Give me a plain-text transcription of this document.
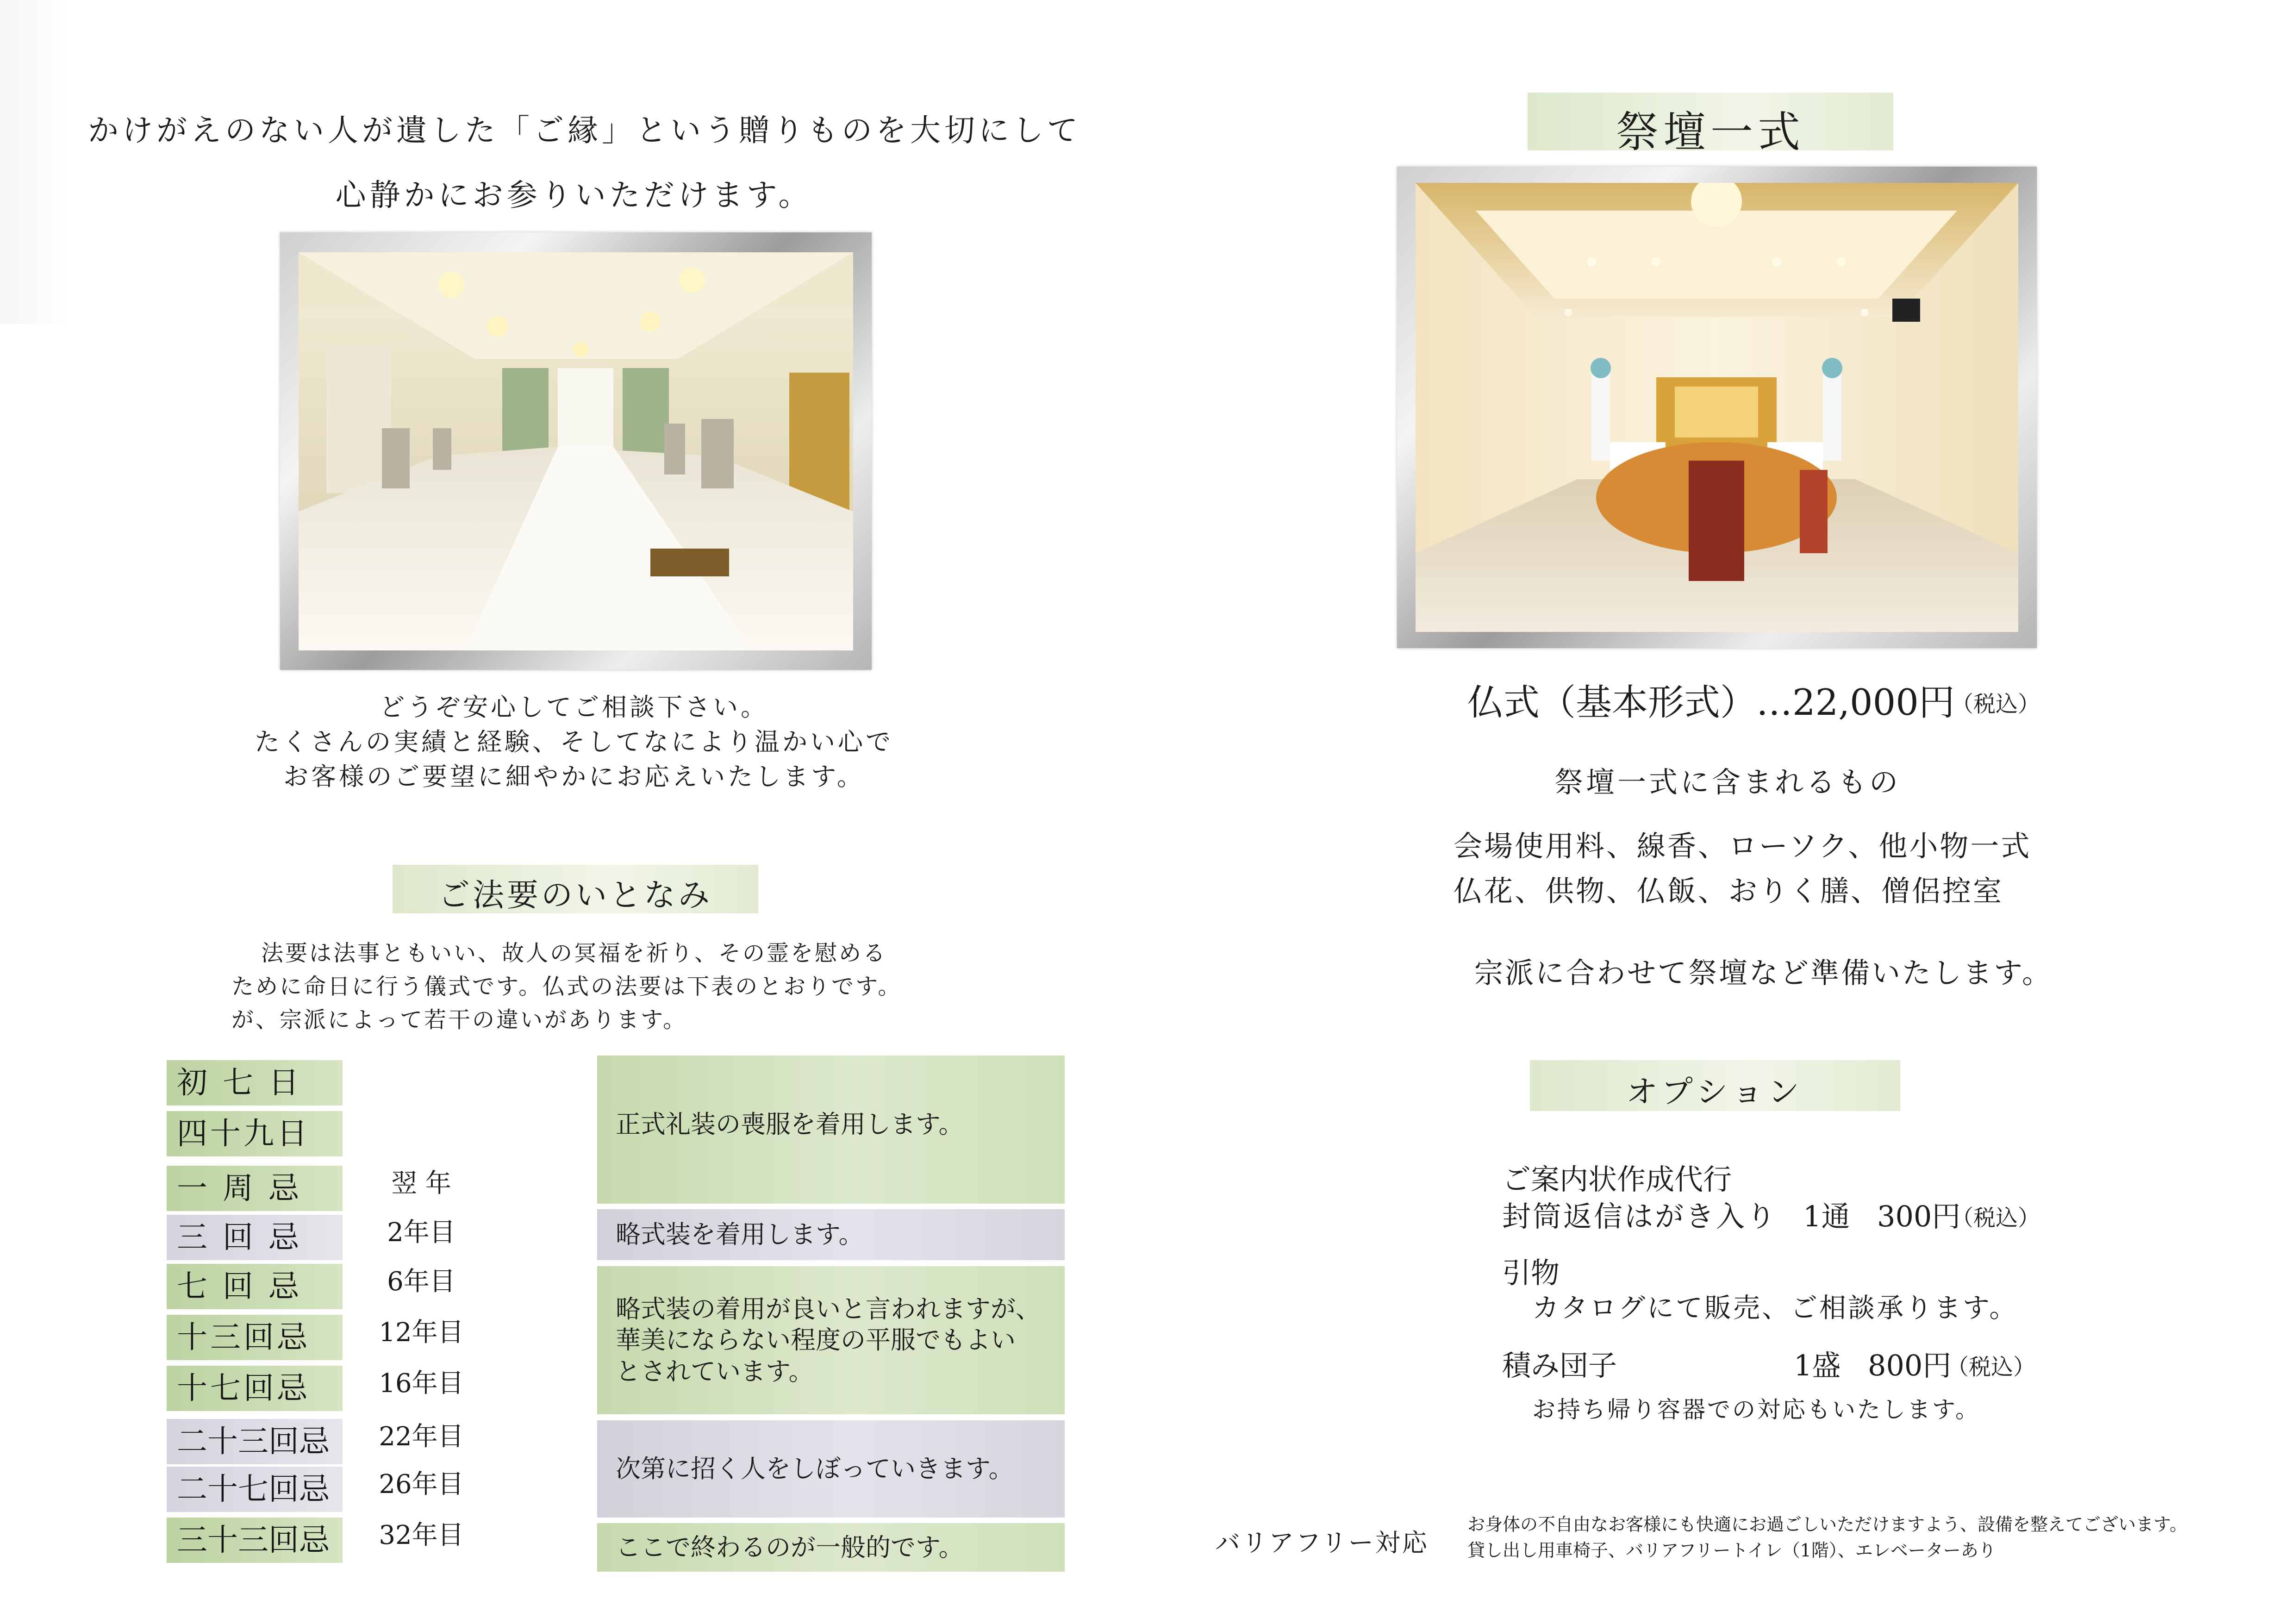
かけがえのない人が遺した「ご縁」という贈りものを大切にして
心静かにお参りいただけます。
どうぞ安心してご相談下さい。
たくさんの実績と経験、そしてなにより温かい心で
お客様のご要望に細やかにお応えいたします。
ご法要のいとなみ
法要は法事ともいい、故人の冥福を祈り、その霊を慰める
ために命日に行う儀式です。仏式の法要は下表のとおりです。
が、宗派によって若干の違いがあります。
初 七 日
四十九日
一 周 忌
三 回 忌
七 回 忌
十三回忌
十七回忌
二十三回忌
二十七回忌
三十三回忌
翌 年
2年目
6年目
12年目
16年目
22年目
26年目
32年目
正式礼装の喪服を着用します。
略式装を着用します。
略式装の着用が良いと言われますが、
華美にならない程度の平服でもよい
とされています。
次第に招く人をしぼっていきます。
ここで終わるのが一般的です。
祭壇一式
仏式（基本形式）…22,000円
（税込）
祭壇一式に含まれるもの
会場使用料、線香、ローソク、他小物一式
仏花、供物、仏飯、おりく膳、僧侶控室
宗派に合わせて祭壇など準備いたします。
オプション
ご案内状作成代行
封筒返信はがき入り 1通 300円
（税込）
引物
カタログにて販売、ご相談承ります。
積み団子	1盛 800円
（税込）
お持ち帰り容器での対応もいたします。
バリアフリー対応
お身体の不自由なお客様にも快適にお過ごしいただけますよう、設備を整えてございます。
貸し出し用車椅子、バリアフリートイレ（1階）、エレベーターあり
